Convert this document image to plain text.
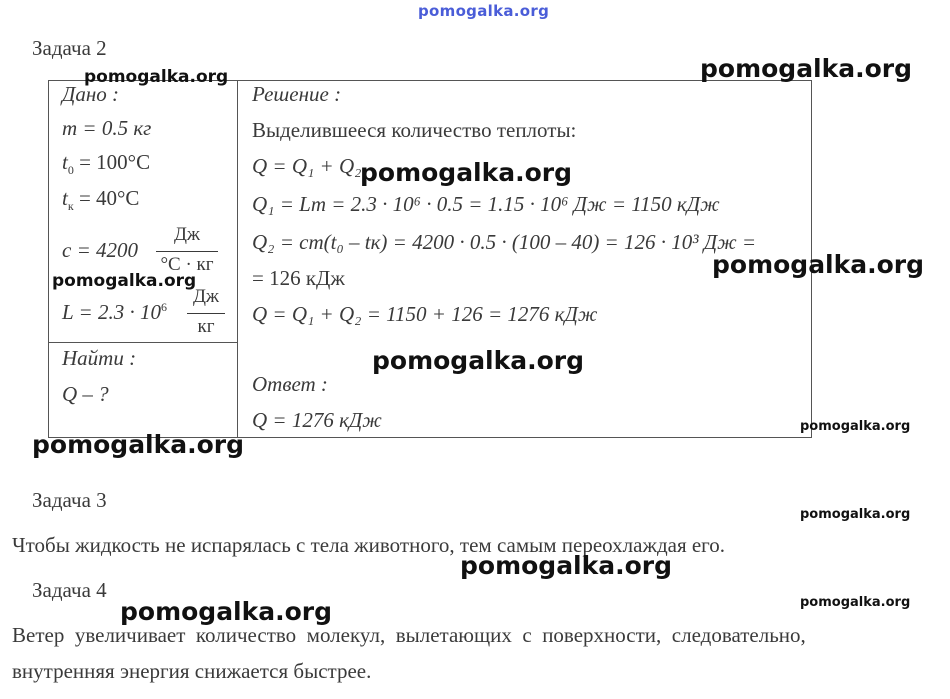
pomogalka.org
Задача 2
Дано :
m = 0.5 кг
$t_0 = 100^\circ C$
$t_к = 40^\circ C$
c = 4200
Дж
°C · кг
$L = 2.3 \cdot 10^6$	Дж
кг
Найти :
Q – ?
Решение :
Выделившееся количество теплоты:
Q = Q₁ + Q₂
Q₁ = Lm = 2.3 · 10⁶ · 0.5 = 1.15 · 10⁶ Дж = 1150 кДж
Q₂ = cm(t₀ – tк) = 4200 · 0.5 · (100 – 40) = 126 · 10³ Дж =
= 126 кДж
Q = Q₁ + Q₂ = 1150 + 126 = 1276 кДж
Ответ :
Q = 1276 кДж
Задача 3
Чтобы жидкость не испарялась с тела животного, тем самым переохлаждая его.
Задача 4
Ветер  увеличивает  количество  молекул,  вылетающих  с  поверхности,  следовательно,
внутренняя энергия снижается быстрее.
pomogalka.org	pomogalka.org
pomogalka.org
pomogalka.org
pomogalka.org
pomogalka.org
pomogalka.org
pomogalka.org
pomogalka.org
pomogalka.org
pomogalka.org
pomogalka.org
